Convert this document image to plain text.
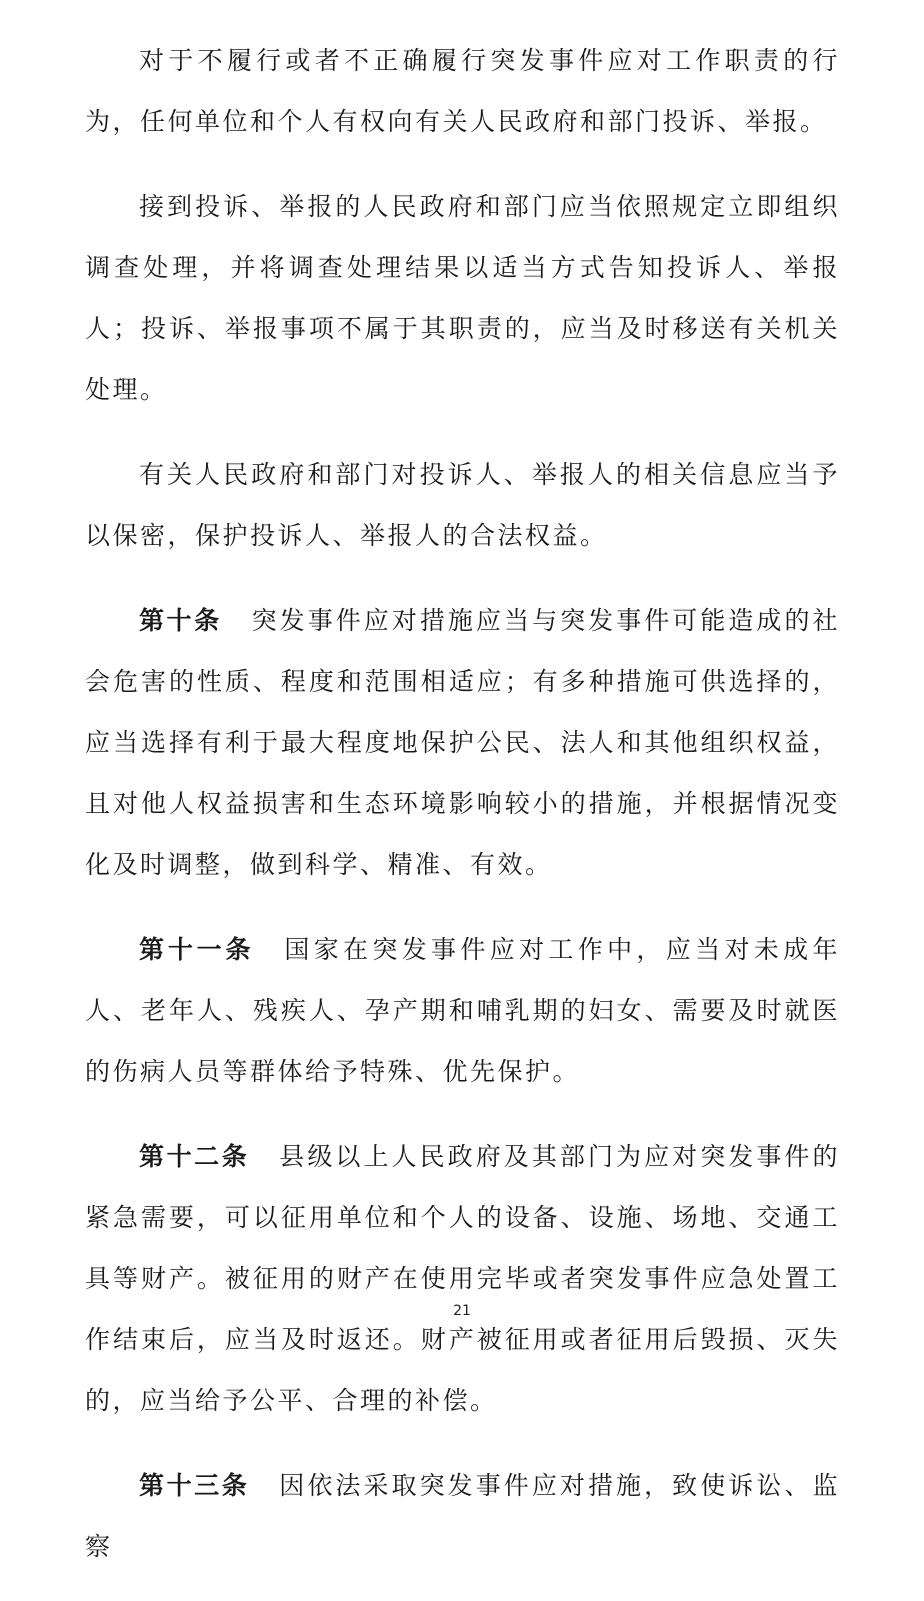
对于不履行或者不正确履行突发事件应对工作职责的行为，任何单位和个人有权向有关人民政府和部门投诉、举报。

接到投诉、举报的人民政府和部门应当依照规定立即组织调查处理，并将调查处理结果以适当方式告知投诉人、举报人；投诉、举报事项不属于其职责的，应当及时移送有关机关处理。

有关人民政府和部门对投诉人、举报人的相关信息应当予以保密，保护投诉人、举报人的合法权益。

第十条 突发事件应对措施应当与突发事件可能造成的社会危害的性质、程度和范围相适应；有多种措施可供选择的，应当选择有利于最大程度地保护公民、法人和其他组织权益，且对他人权益损害和生态环境影响较小的措施，并根据情况变化及时调整，做到科学、精准、有效。

第十一条 国家在突发事件应对工作中，应当对未成年人、老年人、残疾人、孕产期和哺乳期的妇女、需要及时就医的伤病人员等群体给予特殊、优先保护。

第十二条 县级以上人民政府及其部门为应对突发事件的紧急需要，可以征用单位和个人的设备、设施、场地、交通工具等财产。被征用的财产在使用完毕或者突发事件应急处置工作结束后，应当及时返还。财产被征用或者征用后毁损、灭失的，应当给予公平、合理的补偿。

第十三条 因依法采取突发事件应对措施，致使诉讼、监察

21
